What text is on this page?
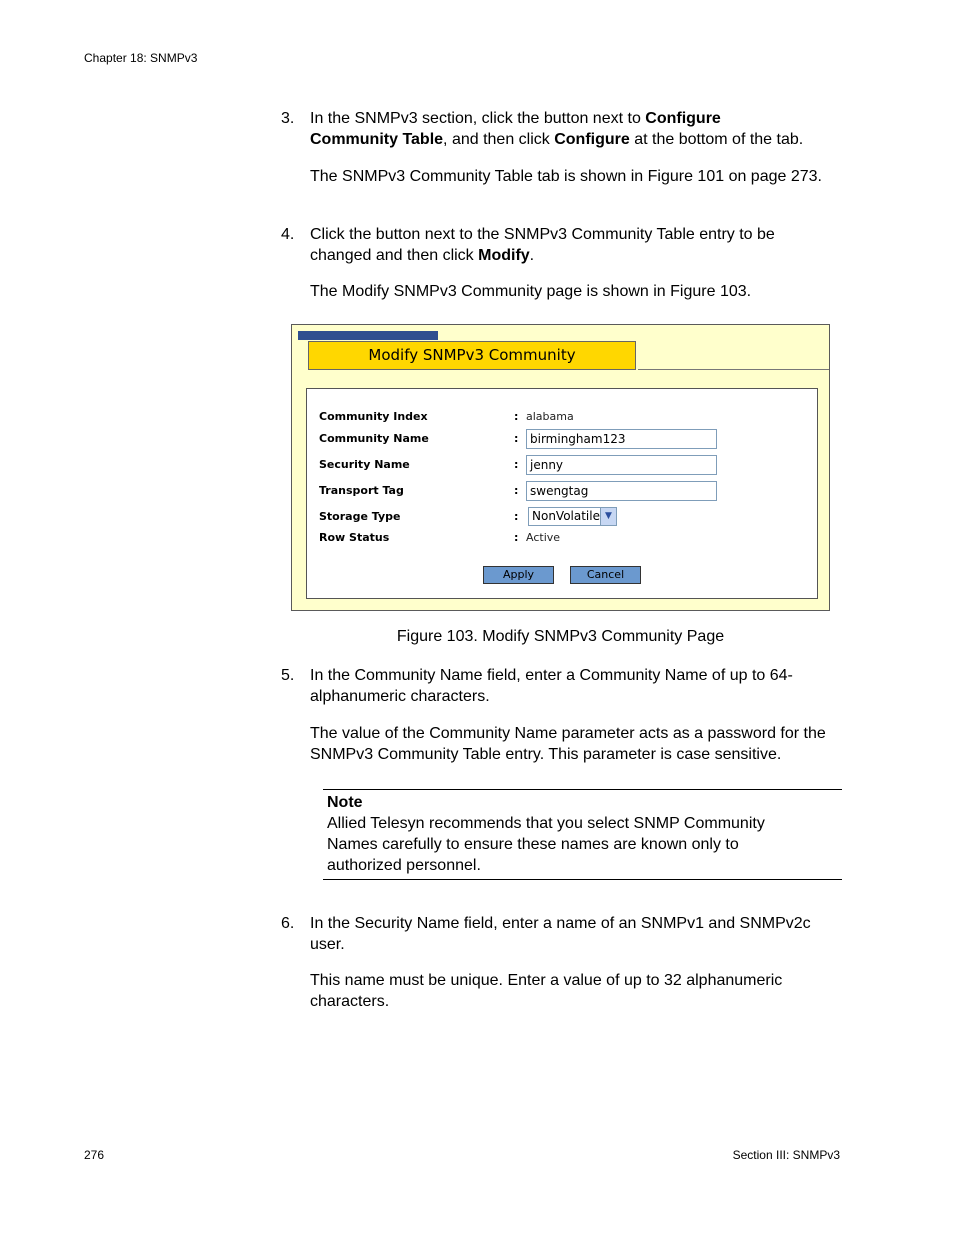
Chapter 18: SNMPv3
3. In the SNMPv3 section, click the button next to Configure
Community Table, and then click Configure at the bottom of the tab.
The SNMPv3 Community Table tab is shown in Figure 101 on page 273.
4. Click the button next to the SNMPv3 Community Table entry to be changed and then click Modify.
The Modify SNMPv3 Community page is shown in Figure 103.
Modify SNMPv3 Community
Community Index	: alabama
Community Name	: birmingham123
Security Name	: jenny
Transport Tag	: swengtag
Storage Type	:	NonVolatile ▼
Row Status	: Active
Apply	Cancel
Figure 103. Modify SNMPv3 Community Page
5. In the Community Name field, enter a Community Name of up to 64-alphanumeric characters.
The value of the Community Name parameter acts as a password for the SNMPv3 Community Table entry. This parameter is case sensitive.
Note
Allied Telesyn recommends that you select SNMP Community Names carefully to ensure these names are known only to authorized personnel.
6. In the Security Name field, enter a name of an SNMPv1 and SNMPv2c user.
This name must be unique. Enter a value of up to 32 alphanumeric characters.
276	Section III: SNMPv3
